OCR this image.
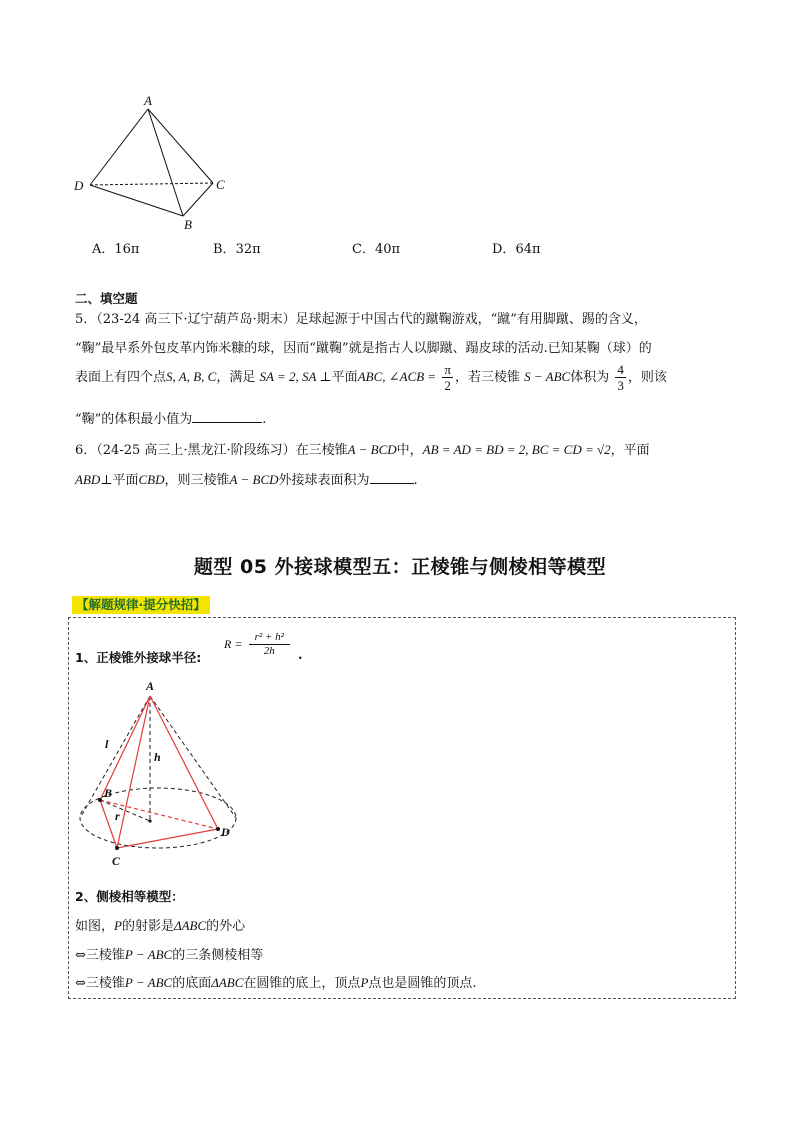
A
D	C
B
A．16π	B．32π	C．40π	D．64π
二、填空题
5．（23-24 高三下·辽宁葫芦岛·期末）足球起源于中国古代的蹴鞠游戏，“蹴”有用脚蹴、踢的含义，
“鞠”最早系外包皮革内饰米糠的球，因而“蹴鞠”就是指古人以脚蹴、蹋皮球的活动.已知某鞠（球）的
表面上有四个点S, A, B, C，满足 SA = 2, SA ⊥平面ABC, ∠ACB = $\frac{\pi}{2}$ ，若三棱锥 S − ABC体积为 $\frac{4}{3}$ ，则该
“鞠”的体积最小值为	.
6．（24-25 高三上·黑龙江·阶段练习）在三棱锥A − BCD中，AB = AD = BD = 2, BC = CD = √2，平面
ABD⊥平面CBD，则三棱锥A − BCD外接球表面积为	.
题型 05 外接球模型五：正棱锥与侧棱相等模型
【解题规律·提分快招】
1、正棱锥外接球半径:
$R = \frac{\text{r² + h²}}{2h}$ .
A
B
C
D
l
h
r
2、侧棱相等模型：
如图，P的射影是ΔABC的外心
⇔三棱锥P − ABC的三条侧棱相等
⇔三棱锥P − ABC的底面ΔABC在圆锥的底上，顶点P点也是圆锥的顶点.
